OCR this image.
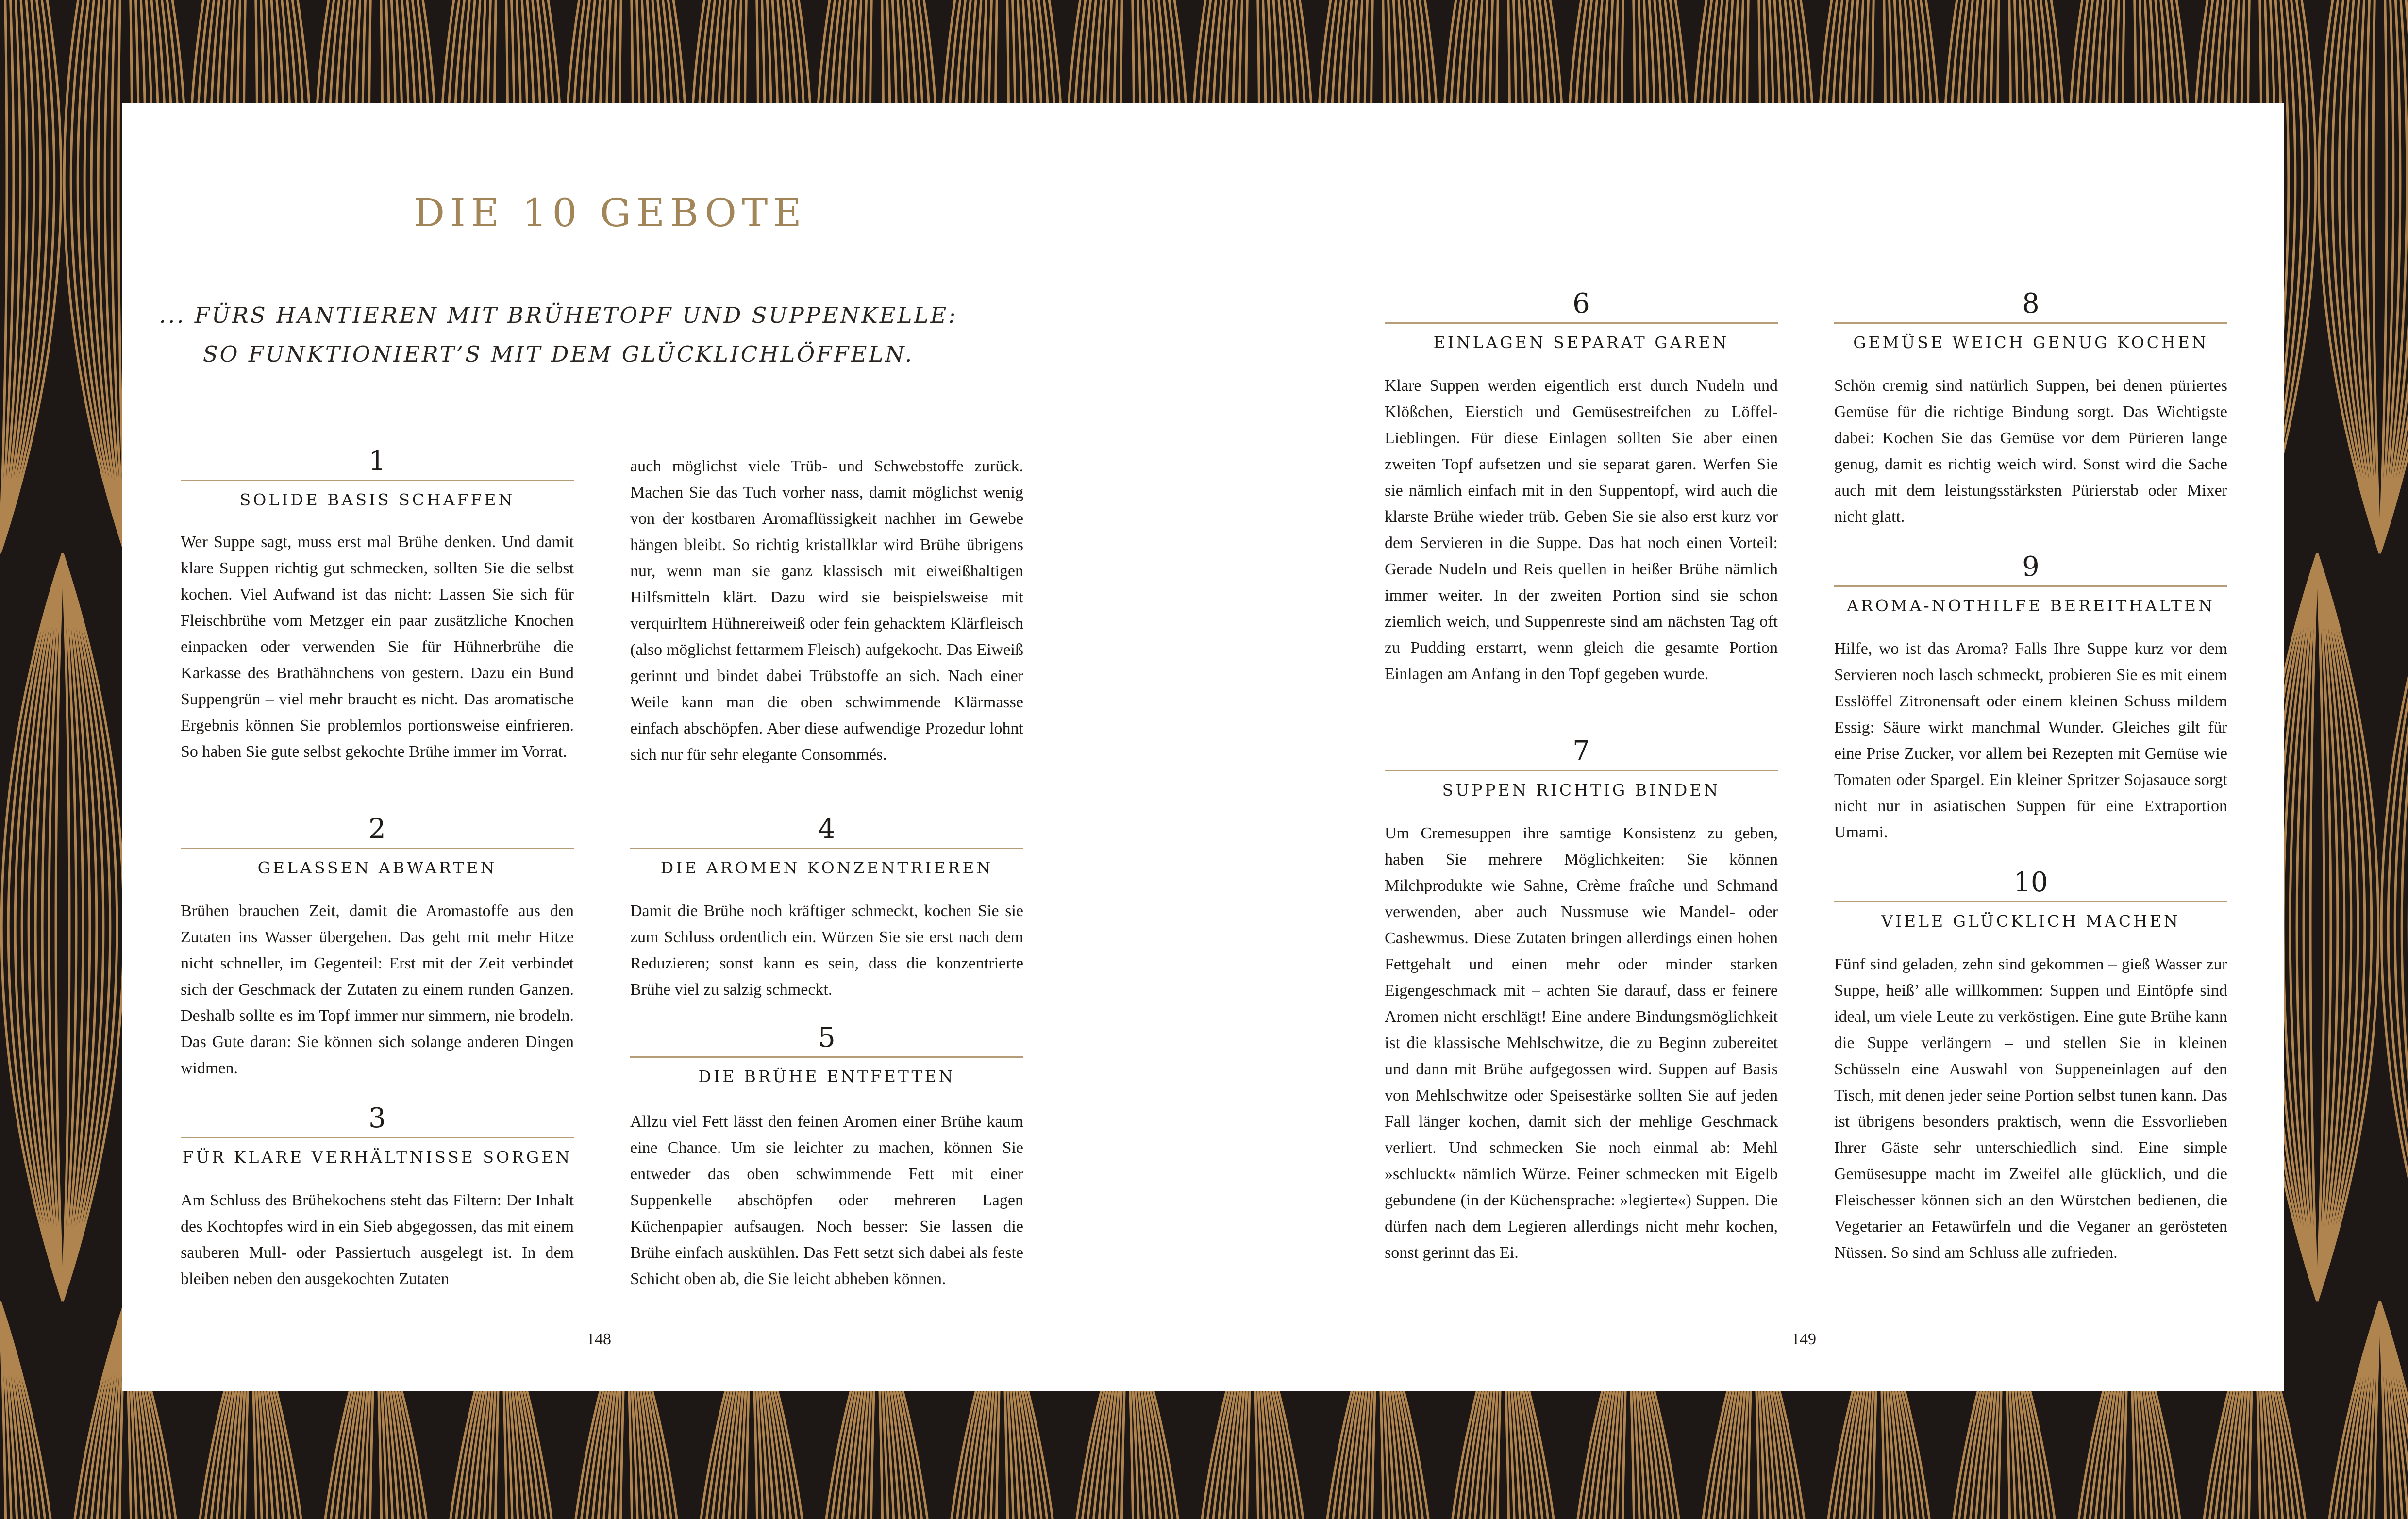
DIE 10 GEBOTE
... FÜRS HANTIEREN MIT BRÜHETOPF UND SUPPENKELLE:
SO FUNKTIONIERT’S MIT DEM GLÜCKLICHLÖFFELN.
1
SOLIDE BASIS SCHAFFEN

Wer Suppe sagt, muss erst mal Brühe denken. Und damit klare Suppen richtig gut schmecken, sollten Sie die selbst kochen. Viel Aufwand ist das nicht: Lassen Sie sich für Fleischbrühe vom Metzger ein paar zusätzliche Knochen einpacken oder verwenden Sie für Hühnerbrühe die Karkasse des Brathähnchens von gestern. Dazu ein Bund Suppengrün – viel mehr braucht es nicht. Das aromatische Ergebnis können Sie problemlos portionsweise einfrieren. So haben Sie gute selbst gekochte Brühe immer im Vorrat.

2
GELASSEN ABWARTEN

Brühen brauchen Zeit, damit die Aromastoffe aus den Zutaten ins Wasser übergehen. Das geht mit mehr Hitze nicht schneller, im Gegenteil: Erst mit der Zeit verbindet sich der Geschmack der Zutaten zu einem runden Ganzen. Deshalb sollte es im Topf immer nur simmern, nie brodeln. Das Gute daran: Sie können sich solange anderen Dingen widmen.

3
FÜR KLARE VERHÄLTNISSE SORGEN

Am Schluss des Brühekochens steht das Filtern: Der Inhalt des Kochtopfes wird in ein Sieb abgegossen, das mit einem sauberen Mull- oder Passiertuch ausgelegt ist. In dem bleiben neben den ausgekochten Zutaten

auch möglichst viele Trüb- und Schwebstoffe zurück. Machen Sie das Tuch vorher nass, damit möglichst wenig von der kostbaren Aromaflüssigkeit nachher im Gewebe hängen bleibt. So richtig kristallklar wird Brühe übrigens nur, wenn man sie ganz klassisch mit eiweißhaltigen Hilfsmitteln klärt. Dazu wird sie beispielsweise mit verquirltem Hühnereiweiß oder fein gehacktem Klärfleisch (also möglichst fettarmem Fleisch) aufgekocht. Das Eiweiß gerinnt und bindet dabei Trübstoffe an sich. Nach einer Weile kann man die oben schwimmende Klärmasse einfach abschöpfen. Aber diese aufwendige Prozedur lohnt sich nur für sehr elegante Consommés.

4
DIE AROMEN KONZENTRIEREN

Damit die Brühe noch kräftiger schmeckt, kochen Sie sie zum Schluss ordentlich ein. Würzen Sie sie erst nach dem Reduzieren; sonst kann es sein, dass die konzentrierte Brühe viel zu salzig schmeckt.

5
DIE BRÜHE ENTFETTEN

Allzu viel Fett lässt den feinen Aromen einer Brühe kaum eine Chance. Um sie leichter zu machen, können Sie entweder das oben schwimmende Fett mit einer Suppenkelle abschöpfen oder mehreren Lagen Küchenpapier aufsaugen. Noch besser: Sie lassen die Brühe einfach auskühlen. Das Fett setzt sich dabei als feste Schicht oben ab, die Sie leicht abheben können.

148
6
EINLAGEN SEPARAT GAREN

Klare Suppen werden eigentlich erst durch Nudeln und Klößchen, Eierstich und Gemüsestreifchen zu Löffel-Lieblingen. Für diese Einlagen sollten Sie aber einen zweiten Topf aufsetzen und sie separat garen. Werfen Sie sie nämlich einfach mit in den Suppentopf, wird auch die klarste Brühe wieder trüb. Geben Sie sie also erst kurz vor dem Servieren in die Suppe. Das hat noch einen Vorteil: Gerade Nudeln und Reis quellen in heißer Brühe nämlich immer weiter. In der zweiten Portion sind sie schon ziemlich weich, und Suppenreste sind am nächsten Tag oft zu Pudding erstarrt, wenn gleich die gesamte Portion Einlagen am Anfang in den Topf gegeben wurde.

7
SUPPEN RICHTIG BINDEN

Um Cremesuppen ihre samtige Konsistenz zu geben, haben Sie mehrere Möglichkeiten: Sie können Milchprodukte wie Sahne, Crème fraîche und Schmand verwenden, aber auch Nussmuse wie Mandel- oder Cashewmus. Diese Zutaten bringen allerdings einen hohen Fettgehalt und einen mehr oder minder starken Eigengeschmack mit – achten Sie darauf, dass er feinere Aromen nicht erschlägt! Eine andere Bindungsmöglichkeit ist die klassische Mehlschwitze, die zu Beginn zubereitet und dann mit Brühe aufgegossen wird. Suppen auf Basis von Mehlschwitze oder Speisestärke sollten Sie auf jeden Fall länger kochen, damit sich der mehlige Geschmack verliert. Und schmecken Sie noch einmal ab: Mehl »schluckt« nämlich Würze. Feiner schmecken mit Eigelb gebundene (in der Küchensprache: »legierte«) Suppen. Die dürfen nach dem Legieren allerdings nicht mehr kochen, sonst gerinnt das Ei.

8
GEMÜSE WEICH GENUG KOCHEN

Schön cremig sind natürlich Suppen, bei denen püriertes Gemüse für die richtige Bindung sorgt. Das Wichtigste dabei: Kochen Sie das Gemüse vor dem Pürieren lange genug, damit es richtig weich wird. Sonst wird die Sache auch mit dem leistungsstärksten Pürierstab oder Mixer nicht glatt.

9
AROMA-NOTHILFE BEREITHALTEN

Hilfe, wo ist das Aroma? Falls Ihre Suppe kurz vor dem Servieren noch lasch schmeckt, probieren Sie es mit einem Esslöffel Zitronensaft oder einem kleinen Schuss mildem Essig: Säure wirkt manchmal Wunder. Gleiches gilt für eine Prise Zucker, vor allem bei Rezepten mit Gemüse wie Tomaten oder Spargel. Ein kleiner Spritzer Sojasauce sorgt nicht nur in asiatischen Suppen für eine Extraportion Umami.

10
VIELE GLÜCKLICH MACHEN

Fünf sind geladen, zehn sind gekommen – gieß Wasser zur Suppe, heiß’ alle willkommen: Suppen und Eintöpfe sind ideal, um viele Leute zu verköstigen. Eine gute Brühe kann die Suppe verlängern – und stellen Sie in kleinen Schüsseln eine Auswahl von Suppeneinlagen auf den Tisch, mit denen jeder seine Portion selbst tunen kann. Das ist übrigens besonders praktisch, wenn die Essvorlieben Ihrer Gäste sehr unterschiedlich sind. Eine simple Gemüsesuppe macht im Zweifel alle glücklich, und die Fleischesser können sich an den Würstchen bedienen, die Vegetarier an Fetawürfeln und die Veganer an gerösteten Nüssen. So sind am Schluss alle zufrieden.

149
